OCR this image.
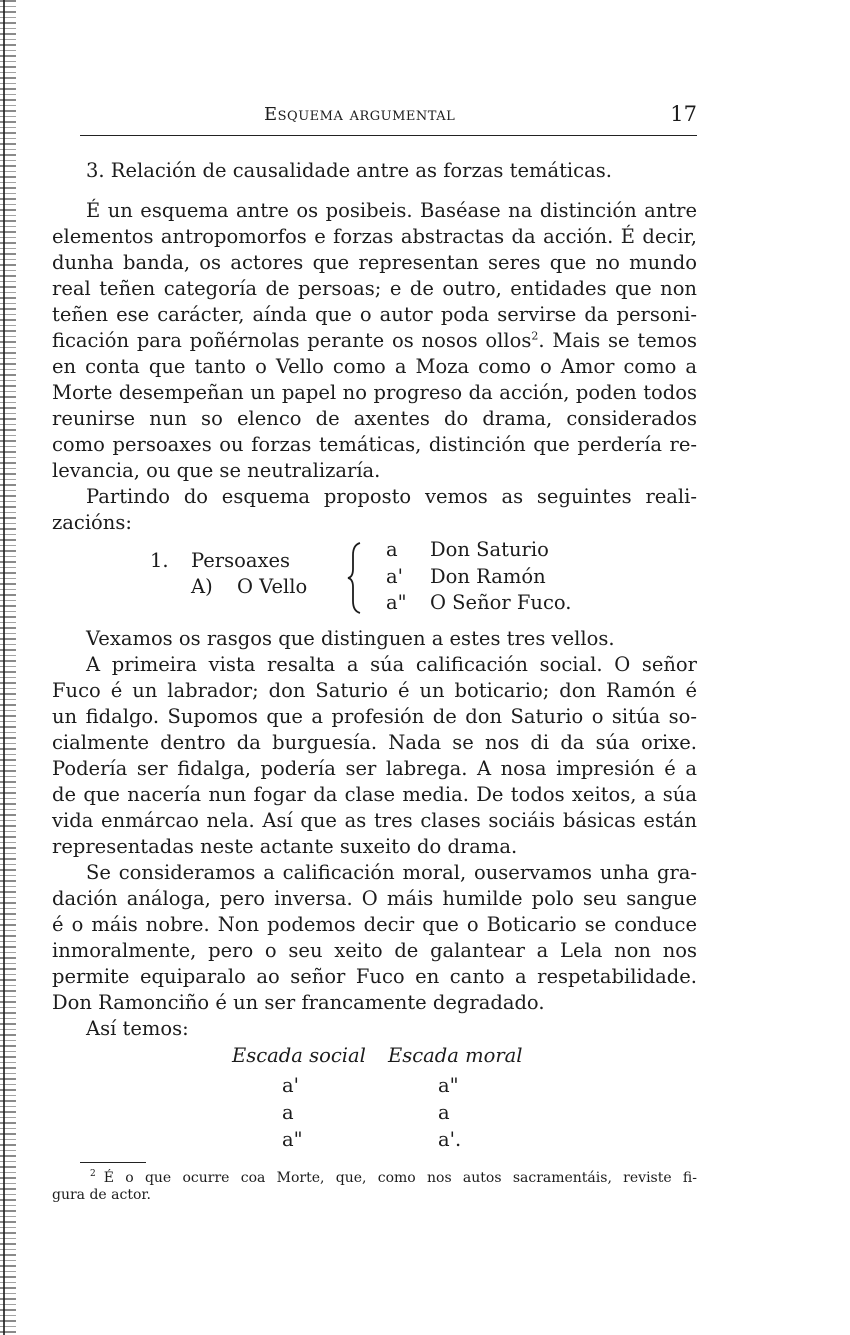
Esquema argumental	17
3. Relación de causalidade antre as forzas temáticas.
É un esquema antre os posibeis. Baséase na distinción antre
elementos antropomorfos e forzas abstractas da acción. É decir,
dunha banda, os actores que representan seres que no mundo
real teñen categoría de persoas; e de outro, entidades que non
teñen ese carácter, aínda que o autor poda servirse da personi-
ficación para poñérnolas perante os nosos ollos$^2$. Mais se temos
en conta que tanto o Vello como a Moza como o Amor como a
Morte desempeñan un papel no progreso da acción, poden todos
reunirse nun so elenco de axentes do drama, considerados
como persoaxes ou forzas temáticas, distinción que perdería re-
levancia, ou que se neutralizaría.
Partindo do esquema proposto vemos as seguintes reali-
zacións:
1. Persoaxes
A) O Vello
a
a'
a"
Don Saturio
Don Ramón
O Señor Fuco.
Vexamos os rasgos que distinguen a estes tres vellos.
A primeira vista resalta a súa calificación social. O señor
Fuco é un labrador; don Saturio é un boticario; don Ramón é
un fidalgo. Supomos que a profesión de don Saturio o sitúa so-
cialmente dentro da burguesía. Nada se nos di da súa orixe.
Podería ser fidalga, podería ser labrega. A nosa impresión é a
de que nacería nun fogar da clase media. De todos xeitos, a súa
vida enmárcao nela. Así que as tres clases sociáis básicas están
representadas neste actante suxeito do drama.
Se consideramos a calificación moral, ouservamos unha gra-
dación análoga, pero inversa. O máis humilde polo seu sangue
é o máis nobre. Non podemos decir que o Boticario se conduce
inmoralmente, pero o seu xeito de galantear a Lela non nos
permite equiparalo ao señor Fuco en canto a respetabilidade.
Don Ramonciño é un ser francamente degradado.
Así temos:
Escada social Escada moral
a'
a
a"
a"
a
a'.
$^2$ É o que ocurre coa Morte, que, como nos autos sacramentáis, reviste fi-
gura de actor.
